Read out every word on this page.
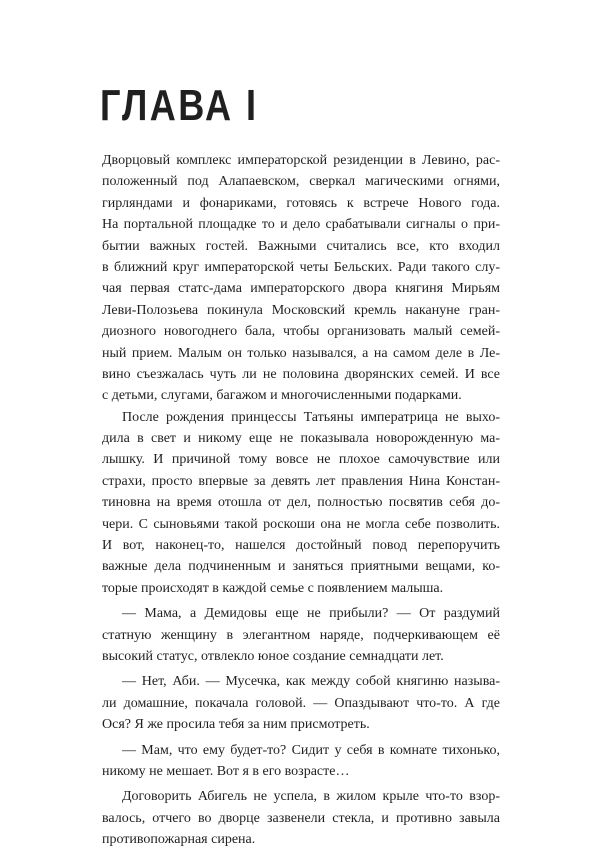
ГЛАВА I
Дворцовый комплекс императорской резиденции в Левино, рас-
положенный под Алапаевском, сверкал магическими огнями,
гирляндами и фонариками, готовясь к встрече Нового года.
На портальной площадке то и дело срабатывали сигналы о при-
бытии важных гостей. Важными считались все, кто входил
в ближний круг императорской четы Бельских. Ради такого слу-
чая первая статс-дама императорского двора княгиня Мирьям
Леви-Полозьева покинула Московский кремль накануне гран-
диозного новогоднего бала, чтобы организовать малый семей-
ный прием. Малым он только назывался, а на самом деле в Ле-
вино съезжалась чуть ли не половина дворянских семей. И все
с детьми, слугами, багажом и многочисленными подарками.
После рождения принцессы Татьяны императрица не выхо-
дила в свет и никому еще не показывала новорожденную ма-
лышку. И причиной тому вовсе не плохое самочувствие или
страхи, просто впервые за девять лет правления Нина Констан-
тиновна на время отошла от дел, полностью посвятив себя до-
чери. С сыновьями такой роскоши она не могла себе позволить.
И вот, наконец-то, нашелся достойный повод перепоручить
важные дела подчиненным и заняться приятными вещами, ко-
торые происходят в каждой семье с появлением малыша.
— Мама, а Демидовы еще не прибыли? — От раздумий
статную женщину в элегантном наряде, подчеркивающем её
высокий статус, отвлекло юное создание семнадцати лет.
— Нет, Аби. — Мусечка, как между собой княгиню называ-
ли домашние, покачала головой. — Опаздывают что-то. А где
Ося? Я же просила тебя за ним присмотреть.
— Мам, что ему будет-то? Сидит у себя в комнате тихонько,
никому не мешает. Вот я в его возрасте…
Договорить Абигель не успела, в жилом крыле что-то взор-
валось, отчего во дворце зазвенели стекла, и противно завыла
противопожарная сирена.
